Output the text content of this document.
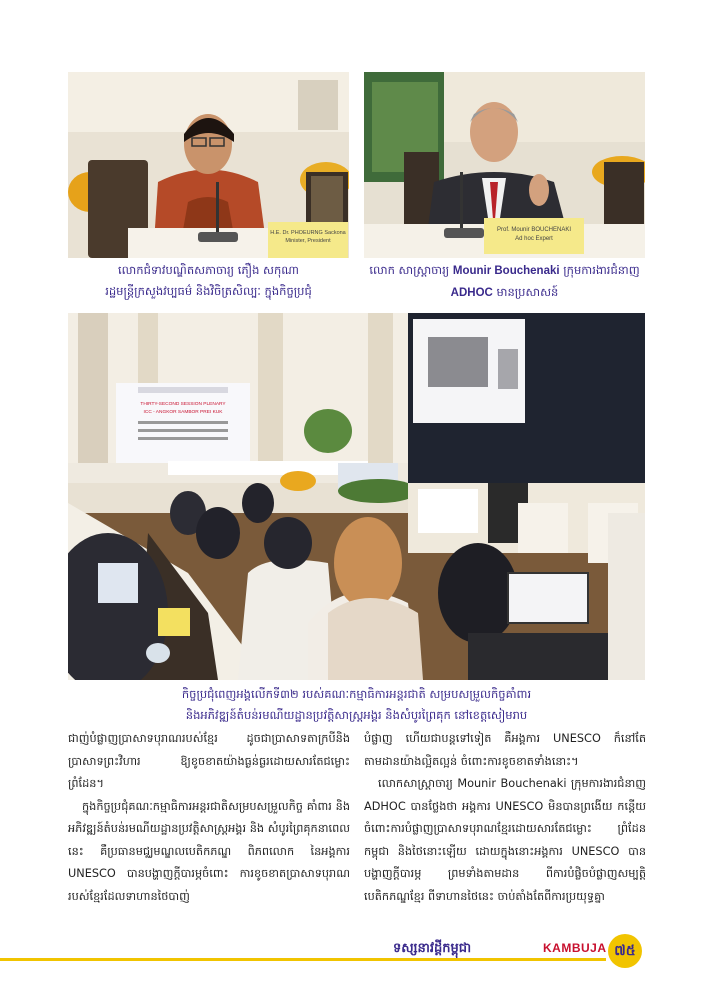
H.E. Dr. PHOEURNG Sackona
Minister, President
Prof. Mounir BOUCHENAKI
Ad hoc Expert
លោកជំទាវបណ្ឌិតសភាចារ្យ ភឿង សកុណា
រដ្ឋមន្ត្រីក្រសួងវប្បធម៌ និងវិចិត្រសិល្បៈ ក្នុងកិច្ចប្រជុំ
លោក សាស្ត្រាចារ្យ Mounir Bouchenaki ក្រុមការងារជំនាញ
ADHOC មានប្រសាសន៍
THIRTY-SECOND SESSION PLENARY
ICC - ANGKOR SAMBOR PREI KUK
កិច្ចប្រជុំពេញអង្គលើកទី៣២ របស់គណៈកម្មាធិការអន្តរជាតិ សម្របសម្រួលកិច្ចគាំពារ
និងអភិវឌ្ឍន៍តំបន់រមណីយដ្ឋានប្រវត្តិសាស្ត្រអង្គរ និងសំបូរព្រៃគុក នៅខេត្តសៀមរាប

ជាញ់បំផ្លាញប្រាសាទបុរាណរបស់ខ្មែរ ដូចជាប្រាសាទតាក្របីនិង ប្រាសាទព្រះវិហារ ឱ្យខូចខាតយ៉ាងធ្ងន់ធ្ងរដោយសារតែជម្លោះ ព្រំដែន។

ក្នុងកិច្ចប្រជុំគណៈកម្មាធិការអន្តរជាតិសម្របសម្រួលកិច្ច គាំពារ និងអភិវឌ្ឍន៍តំបន់រមណីយដ្ឋានប្រវត្តិសាស្ត្រអង្គរ និង សំបូរព្រៃគុកនាពេលនេះ គឺប្រធានមជ្ឈមណ្ឌលបេតិកភណ្ឌ ពិភពលោក នៃអង្គការ UNESCO បានបង្ហាញក្តីបារម្ភចំពោះ ការខូចខាតប្រាសាទបុរាណរបស់ខ្មែរដែលទាហានថៃបាញ់

បំផ្លាញ ហើយជាបន្តទៅទៀត គឺអង្គការ UNESCO ក៏នៅតែ តាមដានយ៉ាងល្អិតល្អន់ ចំពោះការខូចខាតទាំងនោះ។

លោកសាស្ត្រាចារ្យ Mounir Bouchenaki ក្រុមការងារជំនាញ ADHOC បានថ្លែងថា អង្គការ UNESCO មិនបានព្រងើយ កន្តើយ ចំពោះការបំផ្លាញប្រាសាទបុរាណខ្មែរដោយសារតែជម្លោះ ព្រំដែនកម្ពុជា និងថៃនោះឡើយ ដោយក្នុងនោះអង្គការ UNESCO បានបង្ហាញក្តីបារម្ភ ព្រមទាំងតាមដាន ពីការបំផ្លិចបំផ្លាញសម្បត្តិ បេតិកភណ្ឌខ្មែរ ពីទាហានថៃនេះ ចាប់តាំងតែពីការប្រយុទ្ធគ្នា

ទស្សនាវដ្តីកម្ពុជា	KAMBUJA ៧៥
